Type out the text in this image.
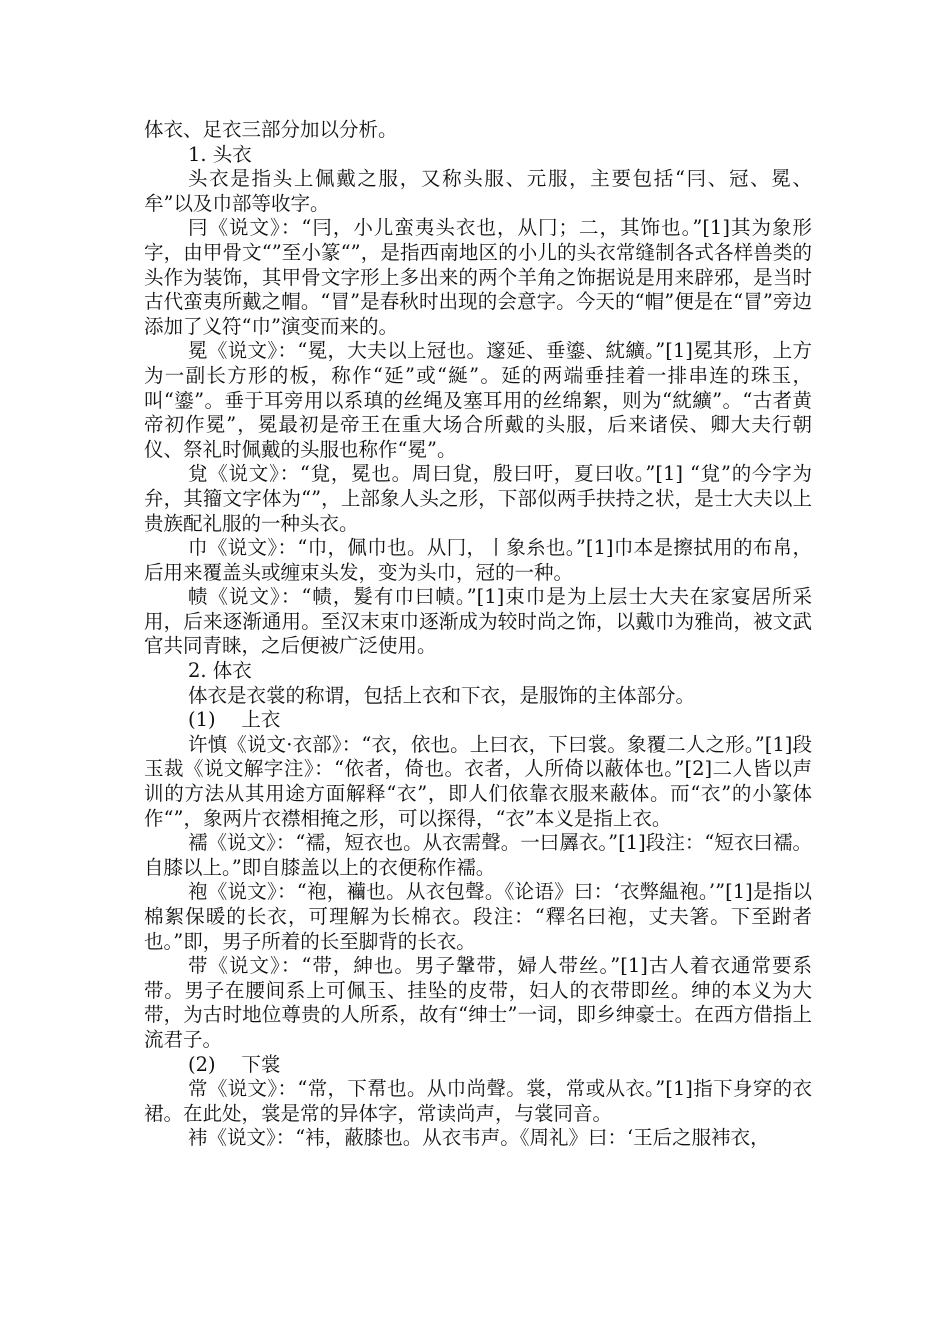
体衣、足衣三部分加以分析。

1. 头衣

头衣是指头上佩戴之服，又称头服、元服，主要包括“冃、冠、冕、牟”以及巾部等收字。

冃《说文》：“冃，小儿蛮夷头衣也，从冂；二，其饰也。”[1]其为象形字，由甲骨文“”至小篆“”，是指西南地区的小儿的头衣常缝制各式各样兽类的头作为装饰，其甲骨文字形上多出来的两个羊角之饰据说是用来辟邪，是当时古代蛮夷所戴之帽。“冒”是春秋时出现的会意字。今天的“帽”便是在“冒”旁边添加了义符“巾”演变而来的。

冕《说文》：“冕，大夫以上冠也。邃延、垂鎏、紞纊。”[1]冕其形，上方为一副长方形的板，称作“延”或“綖”。延的两端垂挂着一排串连的珠玉，叫“鎏”。垂于耳旁用以系瑱的丝绳及塞耳用的丝绵絮，则为“紞纊”。“古者黄帝初作冕”，冕最初是帝王在重大场合所戴的头服，后来诸侯、卿大夫行朝仪、祭礼时佩戴的头服也称作“冕”。

覍《说文》：“覍，冕也。周曰覍，殷曰吁，夏曰收。”[1] “覍”的今字为弁，其籀文字体为“”，上部象人头之形，下部似两手扶持之状，是士大夫以上贵族配礼服的一种头衣。

巾《说文》：“巾，佩巾也。从冂，丨象糸也。”[1]巾本是擦拭用的布帛，后用来覆盖头或缠束头发，变为头巾，冠的一种。

帻《说文》：“帻，髮有巾曰帻。”[1]束巾是为上层士大夫在家宴居所采用，后来逐渐通用。至汉末束巾逐渐成为较时尚之饰，以戴巾为雅尚，被文武官共同青睐，之后便被广泛使用。

2. 体衣

体衣是衣裳的称谓，包括上衣和下衣，是服饰的主体部分。

(1)  上衣

许慎《说文·衣部》：“衣，依也。上曰衣，下曰裳。象覆二人之形。”[1]段玉裁《说文解字注》：“依者，倚也。衣者，人所倚以蔽体也。”[2]二人皆以声训的方法从其用途方面解释“衣”，即人们依靠衣服来蔽体。而“衣”的小篆体作“”，象两片衣襟相掩之形，可以探得，“衣”本义是指上衣。

襦《说文》：“襦，短衣也。从衣需聲。一曰羼衣。”[1]段注：“短衣曰襦。自膝以上。”即自膝盖以上的衣便称作襦。

袍《说文》：“袍，襺也。从衣包聲。《论语》曰：‘衣弊緼袍。’”[1]是指以棉絮保暖的长衣，可理解为长棉衣。段注：“釋名曰袍，丈夫箸。下至跗者也。”即，男子所着的长至脚背的长衣。

带《说文》：“带，紳也。男子鞶带，婦人带丝。”[1]古人着衣通常要系带。男子在腰间系上可佩玉、挂坠的皮带，妇人的衣带即丝。绅的本义为大带，为古时地位尊贵的人所系，故有“绅士”一词，即乡绅豪士。在西方借指上流君子。

(2)  下裳

常《说文》：“常，下帬也。从巾尚聲。裳，常或从衣。”[1]指下身穿的衣裙。在此处，裳是常的异体字，常读尚声，与裳同音。

袆《说文》：“袆，蔽膝也。从衣韦声。《周礼》曰：‘王后之服袆衣，
